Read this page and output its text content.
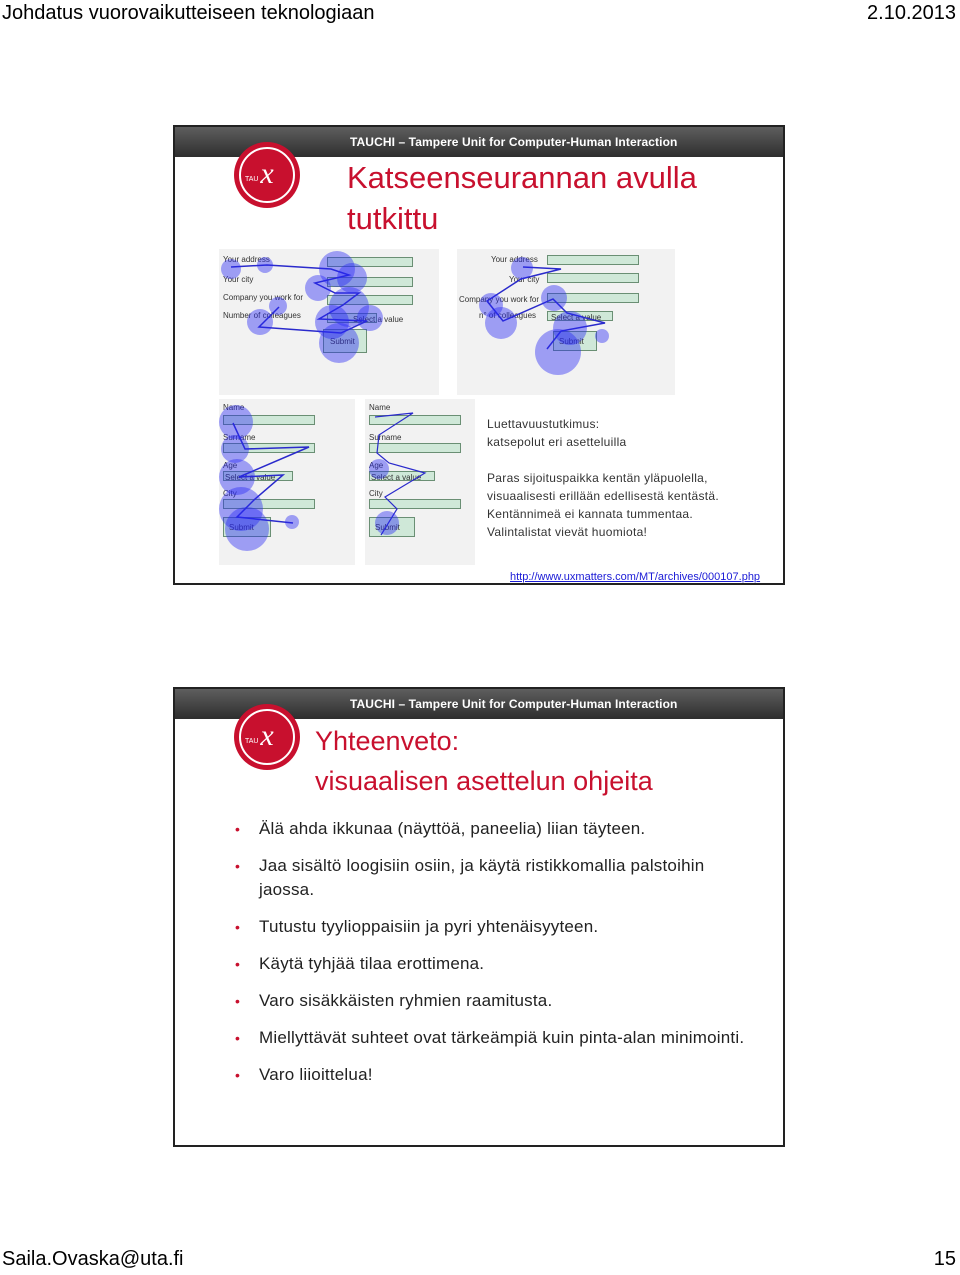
Johdatus vuorovaikutteiseen teknologiaan	2.10.2013
TAUCHI – Tampere Unit for Computer-Human Interaction
x
TAU	Katseenseurannan avulla
tutkittu
Your address
Your city
Company you work for
Number of colleagues	Select a value
Submit
Your address
Your city
Company you work for
n° of colleagues Select a value
Submit
Name
Surname
Age
Select a value
City
Submit
Name
Surname
Age
Select a value
City
Submit
Luettavuustutkimus:
katsepolut eri asetteluilla
Paras sijoituspaikka kentän yläpuolella,
visuaalisesti erillään edellisestä kentästä.
Kentännimeä ei kannata tummentaa.
Valintalistat vievät huomiota!
http://www.uxmatters.com/MT/archives/000107.php
TAUCHI – Tampere Unit for Computer-Human Interaction
x
TAU Yhteenveto:
visuaalisen asettelun ohjeita
• Älä ahda ikkunaa (näyttöä, paneelia) liian täyteen.
• Jaa sisältö loogisiin osiin, ja käytä ristikkomallia palstoihin jaossa.
• Tutustu tyylioppaisiin ja pyri yhtenäisyyteen.
• Käytä tyhjää tilaa erottimena.
• Varo sisäkkäisten ryhmien raamitusta.
• Miellyttävät suhteet ovat tärkeämpiä kuin pinta-alan minimointi.
• Varo liioittelua!
Saila.Ovaska@uta.fi	15
